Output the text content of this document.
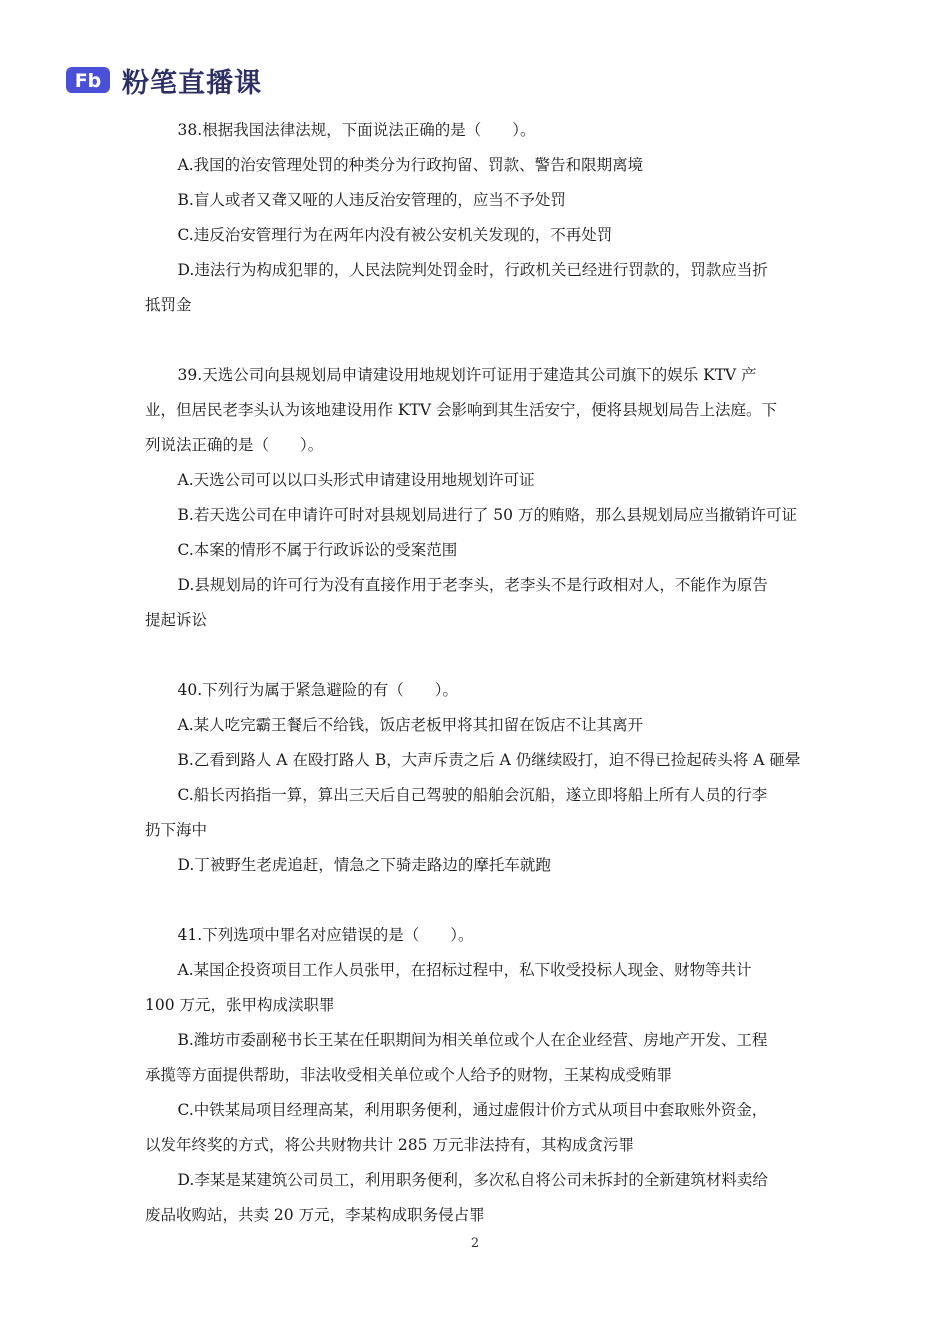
Fb 粉笔直播课

38.根据我国法律法规，下面说法正确的是（　　）。

A.我国的治安管理处罚的种类分为行政拘留、罚款、警告和限期离境

B.盲人或者又聋又哑的人违反治安管理的，应当不予处罚

C.违反治安管理行为在两年内没有被公安机关发现的，不再处罚

D.违法行为构成犯罪的，人民法院判处罚金时，行政机关已经进行罚款的，罚款应当折

抵罚金

39.天选公司向县规划局申请建设用地规划许可证用于建造其公司旗下的娱乐 KTV 产

业，但居民老李头认为该地建设用作 KTV 会影响到其生活安宁，便将县规划局告上法庭。下

列说法正确的是（　　）。

A.天选公司可以以口头形式申请建设用地规划许可证

B.若天选公司在申请许可时对县规划局进行了 50 万的贿赂，那么县规划局应当撤销许可证

C.本案的情形不属于行政诉讼的受案范围

D.县规划局的许可行为没有直接作用于老李头，老李头不是行政相对人，不能作为原告

提起诉讼

40.下列行为属于紧急避险的有（　　）。

A.某人吃完霸王餐后不给钱，饭店老板甲将其扣留在饭店不让其离开

B.乙看到路人 A 在殴打路人 B，大声斥责之后 A 仍继续殴打，迫不得已捡起砖头将 A 砸晕

C.船长丙掐指一算，算出三天后自己驾驶的船舶会沉船，遂立即将船上所有人员的行李

扔下海中

D.丁被野生老虎追赶，情急之下骑走路边的摩托车就跑

41.下列选项中罪名对应错误的是（　　）。

A.某国企投资项目工作人员张甲，在招标过程中，私下收受投标人现金、财物等共计

100 万元，张甲构成渎职罪

B.潍坊市委副秘书长王某在任职期间为相关单位或个人在企业经营、房地产开发、工程

承揽等方面提供帮助，非法收受相关单位或个人给予的财物，王某构成受贿罪

C.中铁某局项目经理高某，利用职务便利，通过虚假计价方式从项目中套取账外资金，

以发年终奖的方式，将公共财物共计 285 万元非法持有，其构成贪污罪

D.李某是某建筑公司员工，利用职务便利，多次私自将公司未拆封的全新建筑材料卖给

废品收购站，共卖 20 万元，李某构成职务侵占罪

2
